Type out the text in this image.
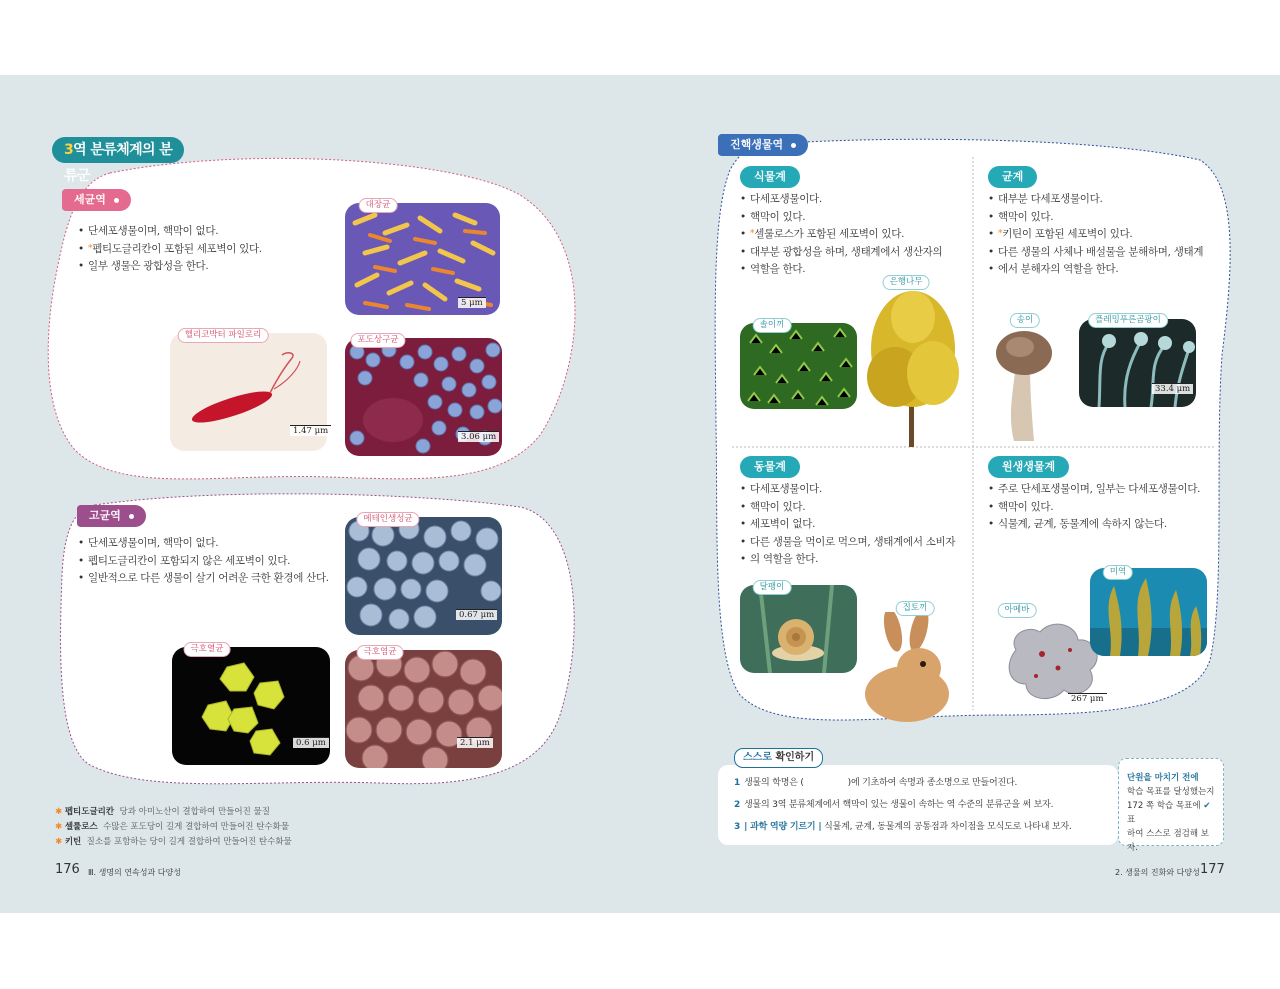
3역 분류체계의 분류군
세균역
• 단세포생물이며, 핵막이 없다.
• *펩티도글리칸이 포함된 세포벽이 있다.
• 일부 생물은 광합성을 한다.
대장균
5 μm
헬리코박터 파일로리
1.47 μm
포도상구균
3.06 μm
고균역
• 단세포생물이며, 핵막이 없다.
• 펩티도글리칸이 포함되지 않은 세포벽이 있다.
• 일반적으로 다른 생물이 살기 어려운 극한 환경에 산다.
메테인생성균
0.67 μm
극호열균
0.6 μm
극호염균
2.1 μm
✱ 펩티도글리칸 당과 아미노산이 결합하여 만들어진 물질
✱ 셀룰로스 수많은 포도당이 길게 결합하여 만들어진 탄수화물
✱ 키틴 질소를 포함하는 당이 길게 결합하여 만들어진 탄수화물
176 Ⅲ. 생명의 연속성과 다양성
진핵생물역
식물계
• 다세포생물이다.
• 핵막이 있다.
• *셀룰로스가 포함된 세포벽이 있다.
• 대부분 광합성을 하며, 생태계에서 생산자의
• 역할을 한다.
솔이끼
은행나무
균계
• 대부분 다세포생물이다.
• 핵막이 있다.
• *키틴이 포함된 세포벽이 있다.
• 다른 생물의 사체나 배설물을 분해하며, 생태계
• 에서 분해자의 역할을 한다.
송이	플레밍푸른곰팡이
33.4 μm
동물계
• 다세포생물이다.
• 핵막이 있다.
• 세포벽이 없다.
• 다른 생물을 먹이로 먹으며, 생태계에서 소비자
• 의 역할을 한다.
달팽이
집토끼
원생생물계
• 주로 단세포생물이며, 일부는 다세포생물이다.
• 핵막이 있다.
• 식물계, 균계, 동물계에 속하지 않는다.
아메바
267 μm
미역
스스로 확인하기
1 생물의 학명은 (	)에 기초하여 속명과 종소명으로 만들어진다.
2 생물의 3역 분류체계에서 핵막이 있는 생물이 속하는 역 수준의 분류군을 써 보자.
3 | 과학 역량 기르기 | 식물계, 균계, 동물계의 공통점과 차이점을 모식도로 나타내 보자.
단원을 마치기 전에
학습 목표를 달성했는지
172 쪽 학습 목표에 ✔ 표
하여 스스로 점검해 보자.
2. 생물의 진화와 다양성 177
